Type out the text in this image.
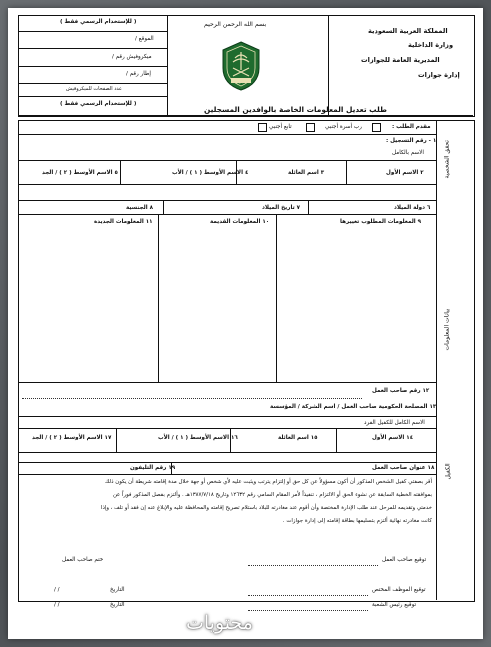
( للإستخدام الرسمي فقط )
الموقع /
ميكروفيش رقم /
إطار رقم /
عدد الصفحات للميكروفيش
( للإستخدام الرسمي فقط )
بسم الله الرحمن الرحيم
الجوازات
المملكة العربية السعودية
وزارة الداخلية
المديرية العامة للجوازات
إدارة جوازات
طلب تعديل المعلومات الخاصة بالوافدين المسجلين
تحقق الشخصية
بيانات المعلومات
الكفيل
مقدم الطلب :
رب أسرة أجنبي
تابع أجنبي
١ - رقم التسجيل :
الاسم بالكامل
٢ الاسم الأول
٣ اسم العائلة
٤ الاسم الأوسط ( ١ ) / الأب
٥ الاسم الأوسط ( ٢ ) / الجد
٦ دولة الميلاد
٧ تاريخ الميلاد
٨ الجنسية
٩ المعلومات المطلوب تغييرها
١٠ المعلومات القديمة
١١ المعلومات الجديدة
١٢ رقم صاحب العمل
١٣ المصلحة الحكومية صاحب العمل / اسم الشركة / المؤسسة
الاسم الكامل للكفيل الفرد
١٤ الاسم الأول
١٥ اسم العائلة
١٦ الاسم الأوسط ( ١ ) / الأب
١٧ الاسم الأوسط ( ٢ ) / الجد
١٨ عنوان صاحب العمل
١٩ رقم التليفون
أقر بصفتي كفيل الشخص المذكور أن أكون مسؤولاً عن كل حق أو إلتزام يترتب ويثبت عليه لأي شخص أو جهة خلال مدة إقامته شريطة أن يكون ذلك
بموافقته الخطية السابقة عن نشوء الحق أو الالتزام ، تنفيذاً لأمر المقام السامي رقم ١٢٦٣٢ وتاريخ ١٣٨٧/٧/١٨هـ . وألتزم بفصل المذكور فوراً عن
خدمتي وتقديمه للمرحل عند طلب الإدارة المختصة وأن أقوم عند مغادرته للبلاد باستلام تصريح إقامته والمحافظة عليه والإبلاغ عنه إن فقد أو تلف ، وإذا
كانت مغادرته نهائية ألتزم بتسليمها بطاقة إقامته إلى إدارة جوازات .
توقيع صاحب العمل
ختم صاحب العمل
توقيع الموظف المختص
التاريخ
/ /
توقيع رئيس الشعبة
التاريخ
/ /
محتويات
